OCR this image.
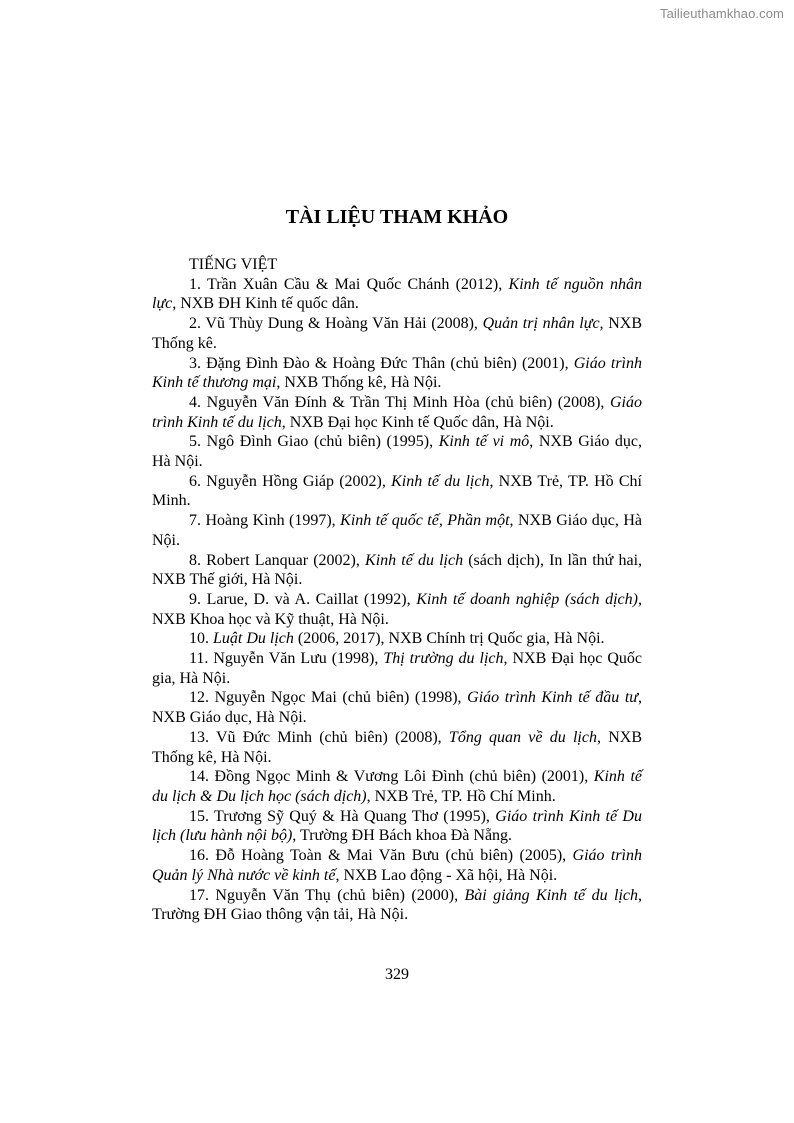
Tailieuthamkhao.com
TÀI LIỆU THAM KHẢO

TIẾNG VIỆT

1. Trần Xuân Cầu & Mai Quốc Chánh (2012), Kinh tế nguồn nhân lực, NXB ĐH Kinh tế quốc dân.

2. Vũ Thùy Dung & Hoàng Văn Hải (2008), Quản trị nhân lực, NXB Thống kê.

3. Đặng Đình Đào & Hoàng Đức Thân (chủ biên) (2001), Giáo trình Kinh tế thương mại, NXB Thống kê, Hà Nội.

4. Nguyễn Văn Đính & Trần Thị Minh Hòa (chủ biên) (2008), Giáo trình Kinh tế du lịch, NXB Đại học Kinh tế Quốc dân, Hà Nội.

5. Ngô Đình Giao (chủ biên) (1995), Kinh tế vi mô, NXB Giáo dục, Hà Nội.

6. Nguyễn Hồng Giáp (2002), Kinh tế du lịch, NXB Trẻ, TP. Hồ Chí Minh.

7. Hoàng Kình (1997), Kinh tế quốc tế, Phần một, NXB Giáo dục, Hà Nội.

8. Robert Lanquar (2002), Kinh tế du lịch (sách dịch), In lần thứ hai, NXB Thế giới, Hà Nội.

9. Larue, D. và A. Caillat (1992), Kinh tế doanh nghiệp (sách dịch), NXB Khoa học và Kỹ thuật, Hà Nội.

10. Luật Du lịch (2006, 2017), NXB Chính trị Quốc gia, Hà Nội.

11. Nguyễn Văn Lưu (1998), Thị trường du lịch, NXB Đại học Quốc gia, Hà Nội.

12. Nguyễn Ngọc Mai (chủ biên) (1998), Giáo trình Kinh tế đầu tư, NXB Giáo dục, Hà Nội.

13. Vũ Đức Minh (chủ biên) (2008), Tổng quan về du lịch, NXB Thống kê, Hà Nội.

14. Đồng Ngọc Minh & Vương Lôi Đình (chủ biên) (2001), Kinh tế du lịch & Du lịch học (sách dịch), NXB Trẻ, TP. Hồ Chí Minh.

15. Trương Sỹ Quý & Hà Quang Thơ (1995), Giáo trình Kinh tế Du lịch (lưu hành nội bộ), Trường ĐH Bách khoa Đà Nẵng.

16. Đỗ Hoàng Toàn & Mai Văn Bưu (chủ biên) (2005), Giáo trình Quản lý Nhà nước về kinh tế, NXB Lao động - Xã hội, Hà Nội.

17. Nguyễn Văn Thụ (chủ biên) (2000), Bài giảng Kinh tế du lịch, Trường ĐH Giao thông vận tải, Hà Nội.

329
